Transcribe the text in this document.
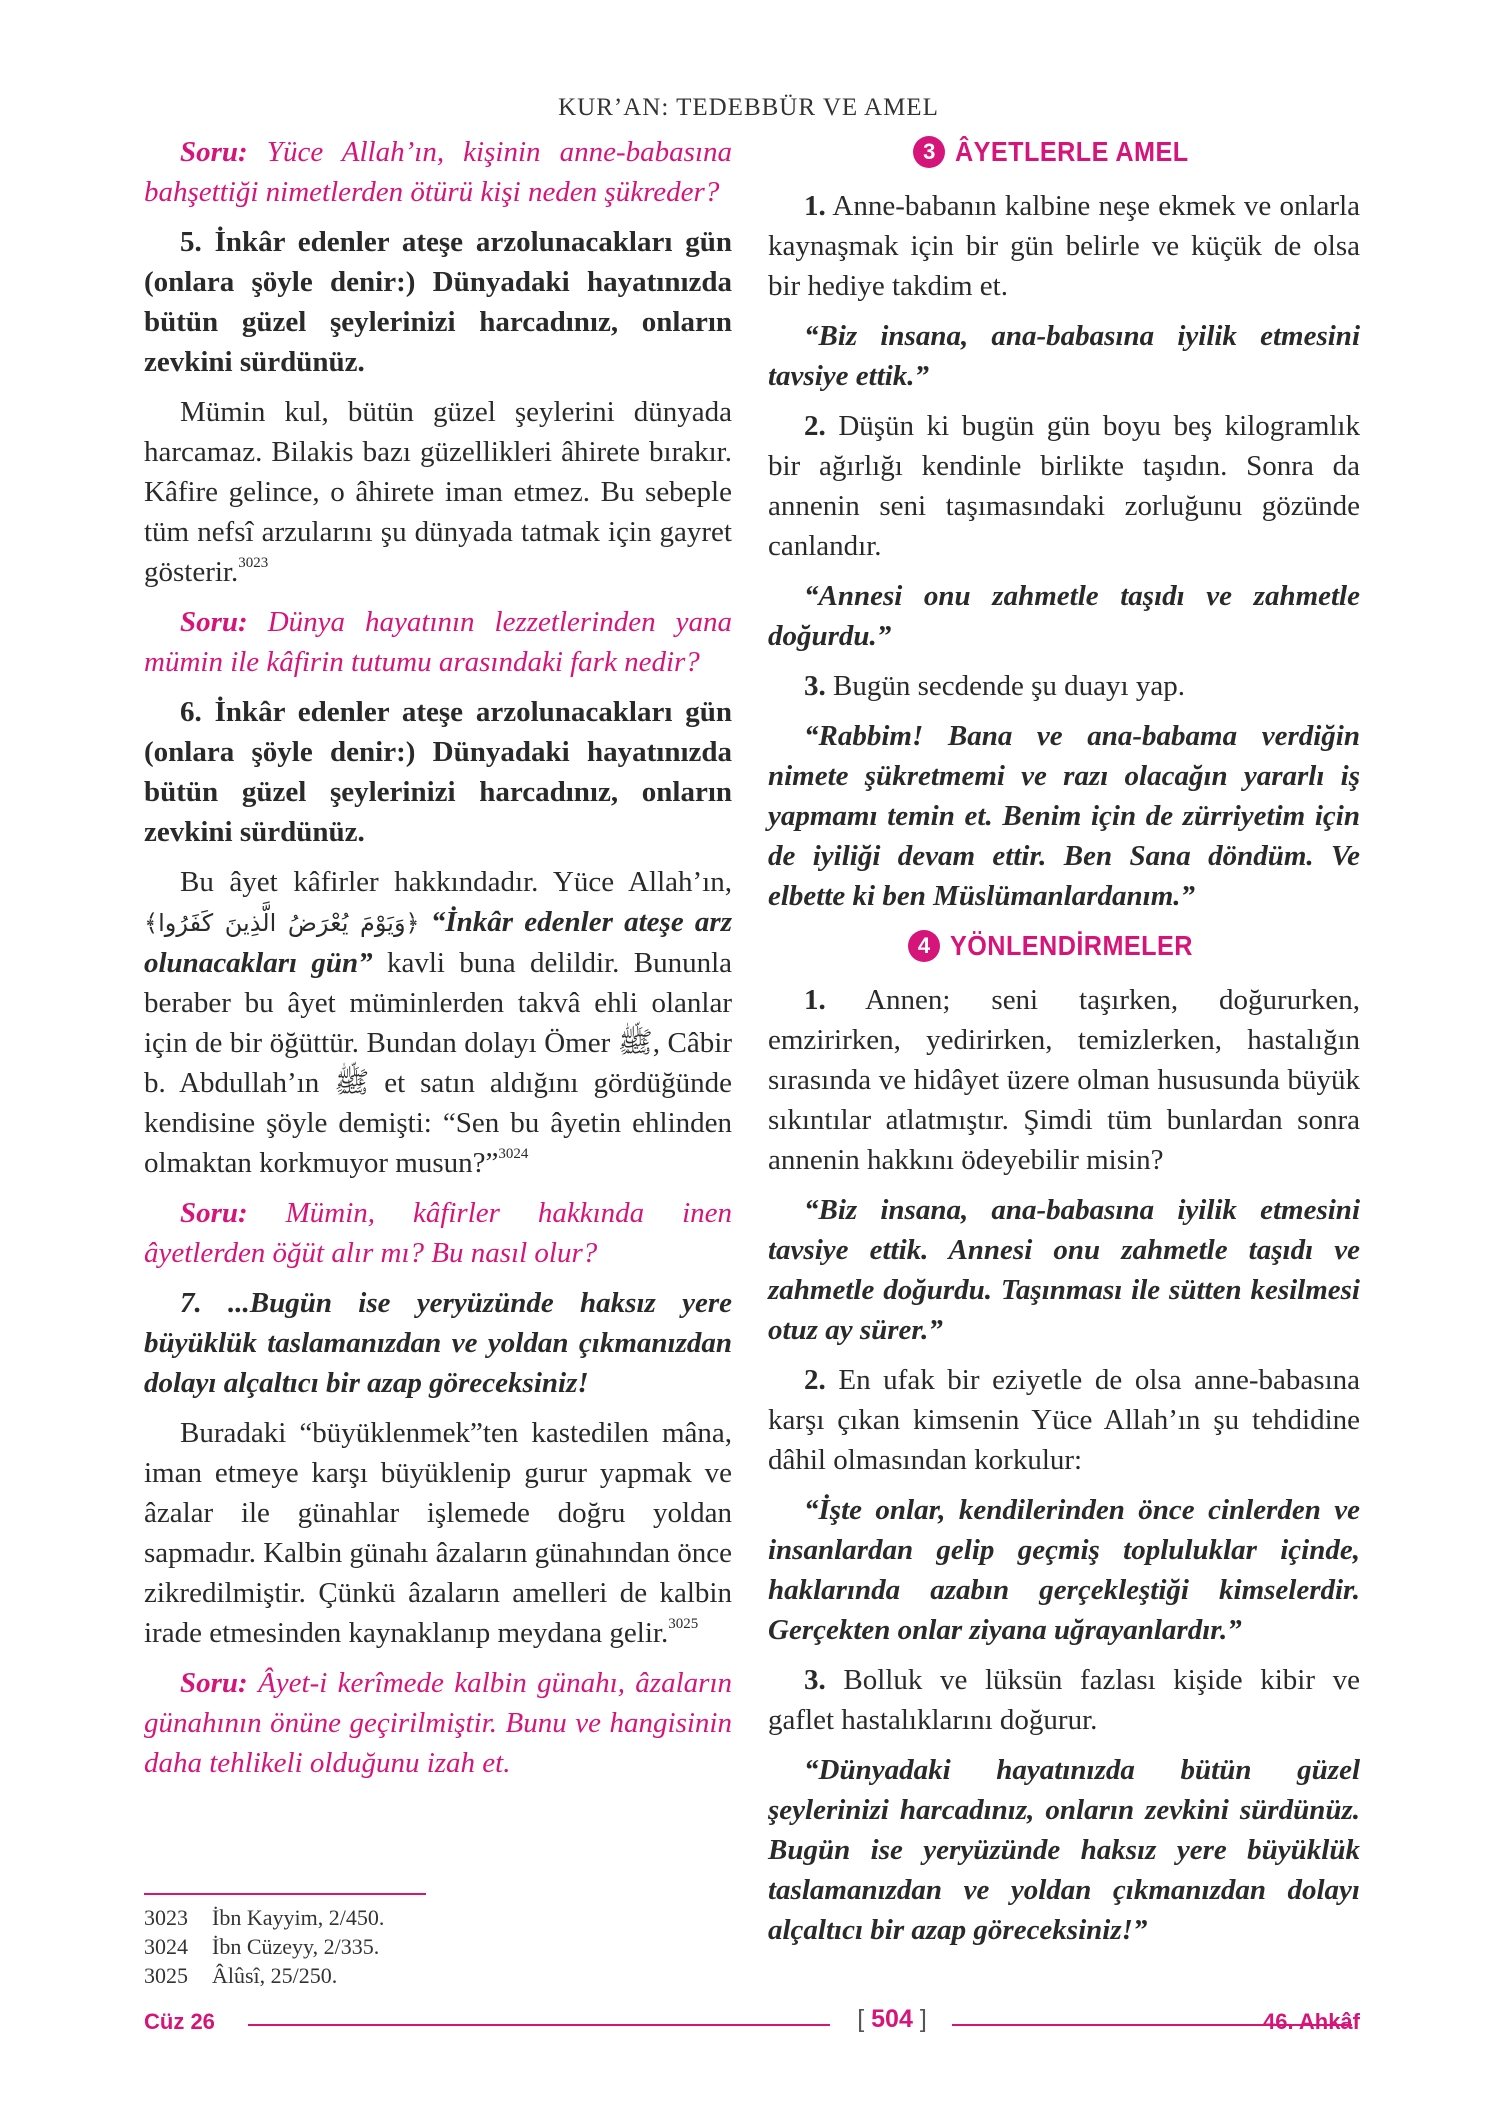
KUR’AN: TEDEBBÜR VE AMEL

Soru: Yüce Allah’ın, kişinin anne-babasına bahşettiği nimetlerden ötürü kişi neden şükreder?

5. İnkâr edenler ateşe arzolunacakları gün (onlara şöyle denir:) Dünyadaki hayatınızda bütün güzel şeylerinizi harcadınız, onların zevkini sürdünüz.

Mümin kul, bütün güzel şeylerini dünyada harcamaz. Bilakis bazı güzellikleri âhirete bırakır. Kâfire gelince, o âhirete iman etmez. Bu sebeple tüm nefsî arzularını şu dünyada tatmak için gayret gösterir.$^{3023}$

Soru: Dünya hayatının lezzetlerinden yana mümin ile kâfirin tutumu arasındaki fark nedir?

6. İnkâr edenler ateşe arzolunacakları gün (onlara şöyle denir:) Dünyadaki hayatınızda bütün güzel şeylerinizi harcadınız, onların zevkini sürdünüz.

Bu âyet kâfirler hakkındadır. Yüce Allah’ın, ﴿وَيَوْمَ يُعْرَضُ الَّذِينَ كَفَرُوا﴾ “İnkâr edenler ateşe arz olunacakları gün” kavli buna delildir. Bununla beraber bu âyet müminlerden takvâ ehli olanlar için de bir öğüttür. Bundan dolayı Ömer ﷺ, Câbir b. Abdullah’ın ﷺ et satın aldığını gördüğünde kendisine şöyle demişti: “Sen bu âyetin ehlinden olmaktan korkmuyor musun?”$^{3024}$

Soru: Mümin, kâfirler hakkında inen âyetlerden öğüt alır mı? Bu nasıl olur?

7. ...Bugün ise yeryüzünde haksız yere büyüklük taslamanızdan ve yoldan çıkmanızdan dolayı alçaltıcı bir azap göreceksiniz!

Buradaki “büyüklenmek”ten kastedilen mâna, iman etmeye karşı büyüklenip gurur yapmak ve âzalar ile günahlar işlemede doğru yoldan sapmadır. Kalbin günahı âzaların günahından önce zikredilmiştir. Çünkü âzaların amelleri de kalbin irade etmesinden kaynaklanıp meydana gelir.$^{3025}$

Soru: Âyet-i kerîmede kalbin günahı, âzaların günahının önüne geçirilmiştir. Bunu ve hangisinin daha tehlikeli olduğunu izah et.

3 ÂYETLERLE AMEL

1. Anne-babanın kalbine neşe ekmek ve onlarla kaynaşmak için bir gün belirle ve küçük de olsa bir hediye takdim et.

“Biz insana, ana-babasına iyilik etmesini tavsiye ettik.”

2. Düşün ki bugün gün boyu beş kilogramlık bir ağırlığı kendinle birlikte taşıdın. Sonra da annenin seni taşımasındaki zorluğunu gözünde canlandır.

“Annesi onu zahmetle taşıdı ve zahmetle doğurdu.”

3. Bugün secdende şu duayı yap.

“Rabbim! Bana ve ana-babama verdiğin nimete şükretmemi ve razı olacağın yararlı iş yapmamı temin et. Benim için de zürriyetim için de iyiliği devam ettir. Ben Sana döndüm. Ve elbette ki ben Müslümanlardanım.”

4 YÖNLENDİRMELER

1. Annen; seni taşırken, doğururken, emzirirken, yedirirken, temizlerken, hastalığın sırasında ve hidâyet üzere olman hususunda büyük sıkıntılar atlatmıştır. Şimdi tüm bunlardan sonra annenin hakkını ödeyebilir misin?

“Biz insana, ana-babasına iyilik etmesini tavsiye ettik. Annesi onu zahmetle taşıdı ve zahmetle doğurdu. Taşınması ile sütten kesilmesi otuz ay sürer.”

2. En ufak bir eziyetle de olsa anne-babasına karşı çıkan kimsenin Yüce Allah’ın şu tehdidine dâhil olmasından korkulur:

“İşte onlar, kendilerinden önce cinlerden ve insanlardan gelip geçmiş topluluklar içinde, haklarında azabın gerçekleştiği kimselerdir. Gerçekten onlar ziyana uğrayanlardır.”

3. Bolluk ve lüksün fazlası kişide kibir ve gaflet hastalıklarını doğurur.

“Dünyadaki hayatınızda bütün güzel şeylerinizi harcadınız, onların zevkini sürdünüz. Bugün ise yeryüzünde haksız yere büyüklük taslamanızdan ve yoldan çıkmanızdan dolayı alçaltıcı bir azap göreceksiniz!”

3023	İbn Kayyim, 2/450.
3024	İbn Cüzeyy, 2/335.
3025	Âlûsî, 25/250.
Cüz 26	[ 504 ]	46. Ahkâf
